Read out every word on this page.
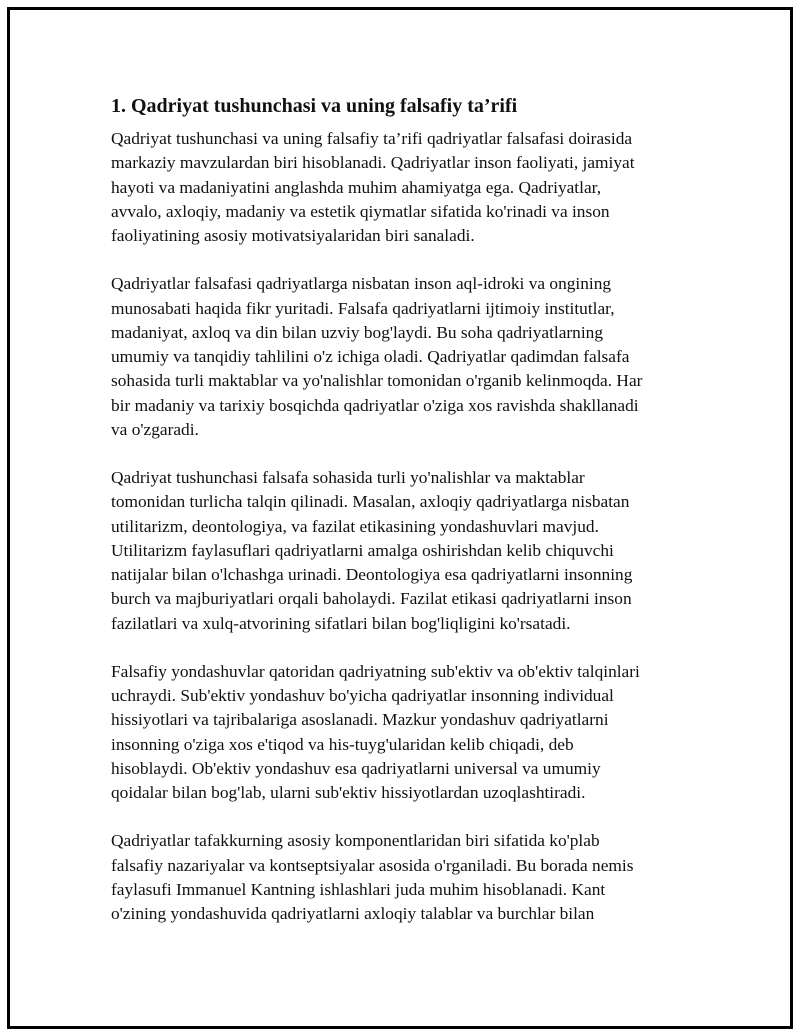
1. Qadriyat tushunchasi va uning falsafiy ta’rifi

Qadriyat tushunchasi va uning falsafiy ta’rifi qadriyatlar falsafasi doirasida
markaziy mavzulardan biri hisoblanadi. Qadriyatlar inson faoliyati, jamiyat
hayoti va madaniyatini anglashda muhim ahamiyatga ega. Qadriyatlar,
avvalo, axloqiy, madaniy va estetik qiymatlar sifatida ko'rinadi va inson
faoliyatining asosiy motivatsiyalaridan biri sanaladi.

Qadriyatlar falsafasi qadriyatlarga nisbatan inson aql-idroki va ongining
munosabati haqida fikr yuritadi. Falsafa qadriyatlarni ijtimoiy institutlar,
madaniyat, axloq va din bilan uzviy bog'laydi. Bu soha qadriyatlarning
umumiy va tanqidiy tahlilini o'z ichiga oladi. Qadriyatlar qadimdan falsafa
sohasida turli maktablar va yo'nalishlar tomonidan o'rganib kelinmoqda. Har
bir madaniy va tarixiy bosqichda qadriyatlar o'ziga xos ravishda shakllanadi
va o'zgaradi.

Qadriyat tushunchasi falsafa sohasida turli yo'nalishlar va maktablar
tomonidan turlicha talqin qilinadi. Masalan, axloqiy qadriyatlarga nisbatan
utilitarizm, deontologiya, va fazilat etikasining yondashuvlari mavjud.
Utilitarizm faylasuflari qadriyatlarni amalga oshirishdan kelib chiquvchi
natijalar bilan o'lchashga urinadi. Deontologiya esa qadriyatlarni insonning
burch va majburiyatlari orqali baholaydi. Fazilat etikasi qadriyatlarni inson
fazilatlari va xulq-atvorining sifatlari bilan bog'liqligini ko'rsatadi.

Falsafiy yondashuvlar qatoridan qadriyatning sub'ektiv va ob'ektiv talqinlari
uchraydi. Sub'ektiv yondashuv bo'yicha qadriyatlar insonning individual
hissiyotlari va tajribalariga asoslanadi. Mazkur yondashuv qadriyatlarni
insonning o'ziga xos e'tiqod va his-tuyg'ularidan kelib chiqadi, deb
hisoblaydi. Ob'ektiv yondashuv esa qadriyatlarni universal va umumiy
qoidalar bilan bog'lab, ularni sub'ektiv hissiyotlardan uzoqlashtiradi.

Qadriyatlar tafakkurning asosiy komponentlaridan biri sifatida ko'plab
falsafiy nazariyalar va kontseptsiyalar asosida o'rganiladi. Bu borada nemis
faylasufi Immanuel Kantning ishlashlari juda muhim hisoblanadi. Kant
o'zining yondashuvida qadriyatlarni axloqiy talablar va burchlar bilan
